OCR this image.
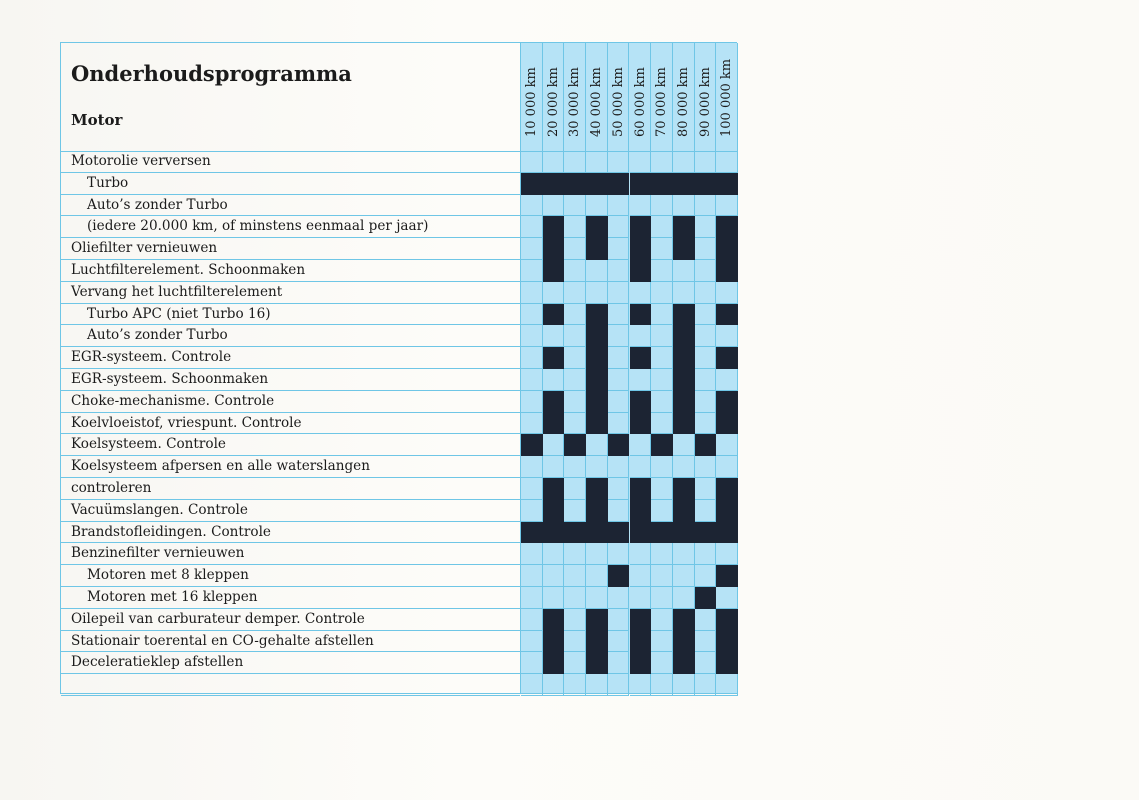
Onderhoudsprogramma
Motor	10 000 km 20 000 km 30 000 km 40 000 km 50 000 km 60 000 km 70 000 km 80 000 km 90 000 km 100 000 km
Motorolie verversen
Turbo
Auto’s zonder Turbo
(iedere 20.000 km, of minstens eenmaal per jaar)
Oliefilter vernieuwen
Luchtfilterelement. Schoonmaken
Vervang het luchtfilterelement
Turbo APC (niet Turbo 16)
Auto’s zonder Turbo
EGR-systeem. Controle
EGR-systeem. Schoonmaken
Choke-mechanisme. Controle
Koelvloeistof, vriespunt. Controle
Koelsysteem. Controle
Koelsysteem afpersen en alle waterslangen
controleren
Vacuümslangen. Controle
Brandstofleidingen. Controle
Benzinefilter vernieuwen
Motoren met 8 kleppen
Motoren met 16 kleppen
Oilepeil van carburateur demper. Controle
Stationair toerental en CO-gehalte afstellen
Deceleratieklep afstellen
